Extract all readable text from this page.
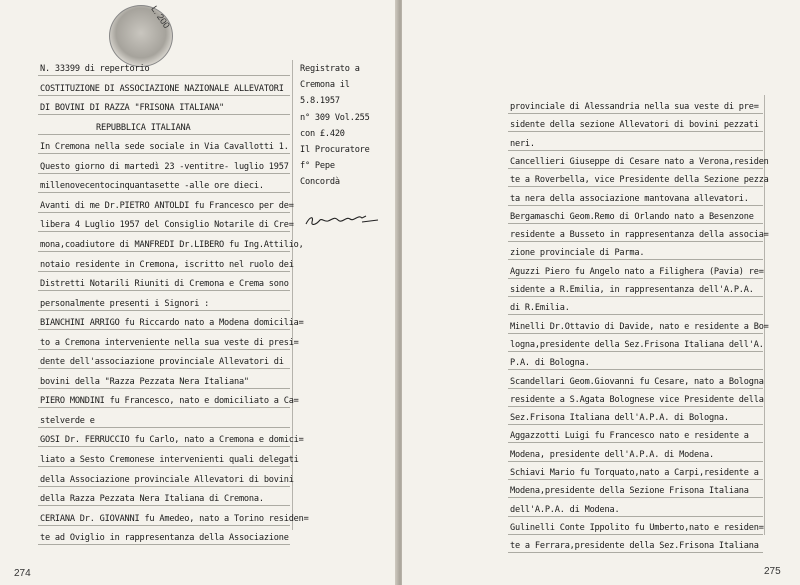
L. 200
N. 33399 di repertorio
COSTITUZIONE DI ASSOCIAZIONE NAZIONALE ALLEVATORI
DI BOVINI DI RAZZA "FRISONA ITALIANA"
REPUBBLICA ITALIANA
In Cremona nella sede sociale in Via Cavallotti 1.
Questo giorno di martedì 23 -ventitre- luglio 1957
millenovecentocinquantasette -alle ore dieci.
Avanti di me Dr.PIETRO ANTOLDI fu Francesco per de=
libera 4 Luglio 1957 del Consiglio Notarile di Cre=
mona,coadiutore di MANFREDI Dr.LIBERO fu Ing.Attilio,
notaio residente in Cremona, iscritto nel ruolo dei
Distretti Notarili Riuniti di Cremona e Crema sono
personalmente presenti i Signori :
BIANCHINI ARRIGO fu Riccardo nato a Modena domicilia=
to a Cremona interveniente nella sua veste di presi=
dente dell'associazione provinciale Allevatori di
bovini della "Razza Pezzata Nera Italiana"
PIERO MONDINI fu Francesco, nato e domiciliato a Ca=
stelverde e
GOSI Dr. FERRUCCIO fu Carlo, nato a Cremona e domici=
liato a Sesto Cremonese intervenienti quali delegati
della Associazione provinciale Allevatori di bovini
della Razza Pezzata Nera Italiana di Cremona.
CERIANA Dr. GIOVANNI fu Amedeo, nato a Torino residen=
te ad Oviglio in rappresentanza della Associazione
Registrato a
Cremona il
5.8.1957
n° 309 Vol.255
con £.420
Il Procuratore
f° Pepe
Concordà
274
provinciale di Alessandria nella sua veste di pre=
sidente della sezione Allevatori di bovini pezzati
neri.
Cancellieri Giuseppe di Cesare nato a Verona,residen
te a Roverbella, vice Presidente della Sezione pezza
ta nera della associazione mantovana allevatori.
Bergamaschi Geom.Remo di Orlando nato a Besenzone
residente a Busseto in rappresentanza della associa=
zione provinciale di Parma.
Aguzzi Piero fu Angelo nato a Filighera (Pavia) re=
sidente a R.Emilia, in rappresentanza dell'A.P.A.
di R.Emilia.
Minelli Dr.Ottavio di Davide, nato e residente a Bo=
logna,presidente della Sez.Frisona Italiana dell'A.
P.A. di Bologna.
Scandellari Geom.Giovanni fu Cesare, nato a Bologna
residente a S.Agata Bolognese vice Presidente della
Sez.Frisona Italiana dell'A.P.A. di Bologna.
Aggazzotti Luigi fu Francesco nato e residente a
Modena, presidente dell'A.P.A. di Modena.
Schiavi Mario fu Torquato,nato a Carpi,residente a
Modena,presidente della Sezione Frisona Italiana
dell'A.P.A. di Modena.
Gulinelli Conte Ippolito fu Umberto,nato e residen=
te a Ferrara,presidente della Sez.Frisona Italiana
275
